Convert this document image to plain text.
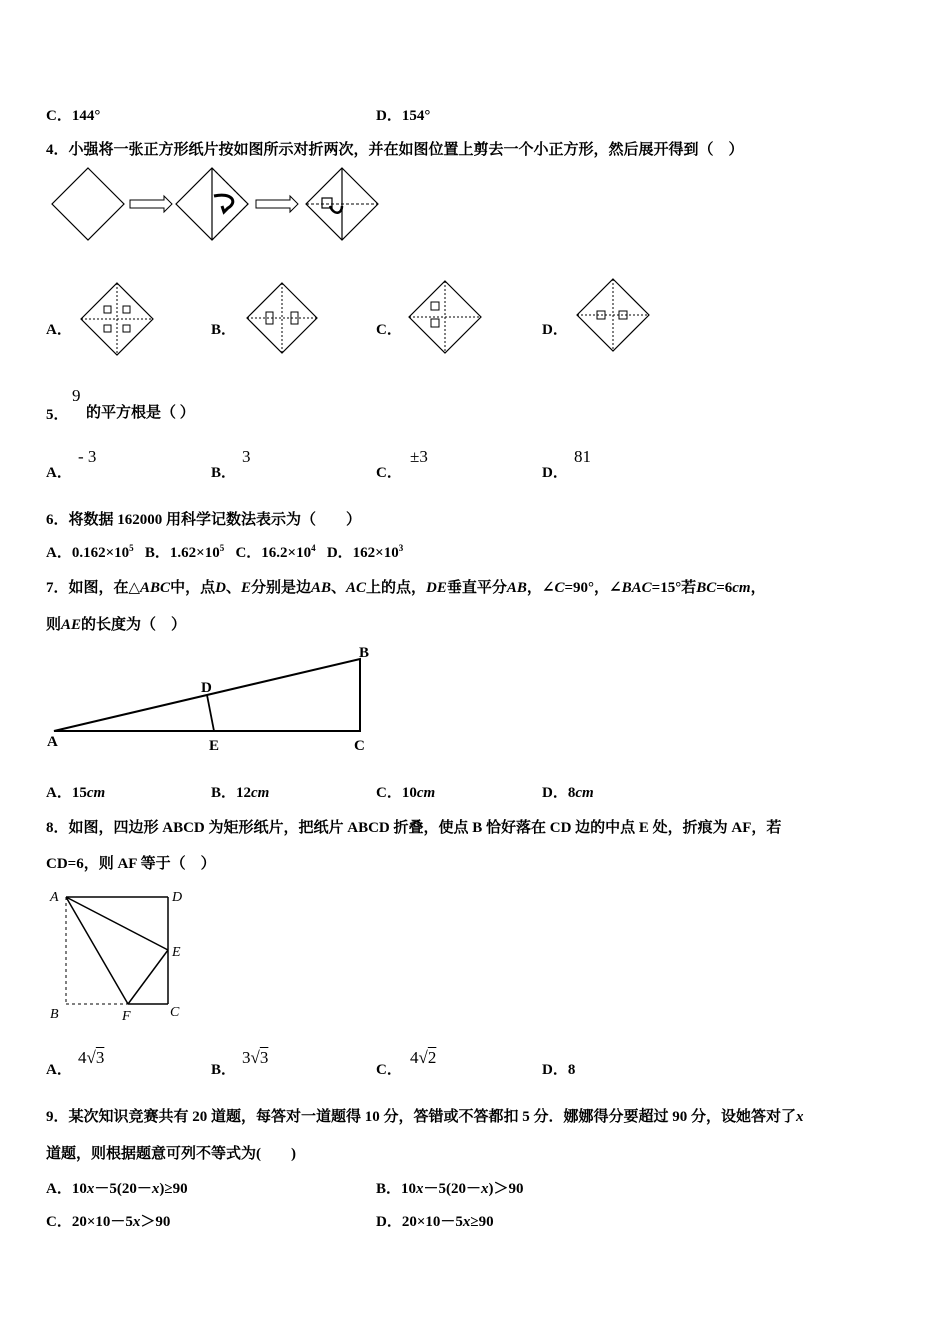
C．144°	D．154°
4．小强将一张正方形纸片按如图所示对折两次，并在如图位置上剪去一个小正方形，然后展开得到（　）
A．	B．	C．	D．
5．
9
的平方根是（ ）
A．
- 3
B．
3
C．
±3
D．
81
6．将数据 162000 用科学记数法表示为（　　）
A．$0.162\times 10^5$ B．$1.62\times 10^5$ C．$16.2\times 10^4$ D．$162\times 10^3$
7．如图，在△ABC中，点D、E分别是边AB、AC上的点，DE垂直平分AB，∠C=90°，∠BAC=15°若BC=6cm，
则AE的长度为（　）
A
B
C
D
E
A．15cm	B．12cm	C．10cm	D．8cm
8．如图，四边形 ABCD 为矩形纸片，把纸片 ABCD 折叠，使点 B 恰好落在 CD 边的中点 E 处，折痕为 AF，若
CD=6，则 AF 等于（　）
A	D
E
B	C
F
A．
4√3
B．
3√3
C．
4√2
D．8
9．某次知识竞赛共有 20 道题，每答对一道题得 10 分，答错或不答都扣 5 分．娜娜得分要超过 90 分，设她答对了x
道题，则根据题意可列不等式为(　　)
A．10x－5(20－x)≥90	B．10x－5(20－x)＞90
C．20×10－5x＞90	D．20×10－5x≥90
